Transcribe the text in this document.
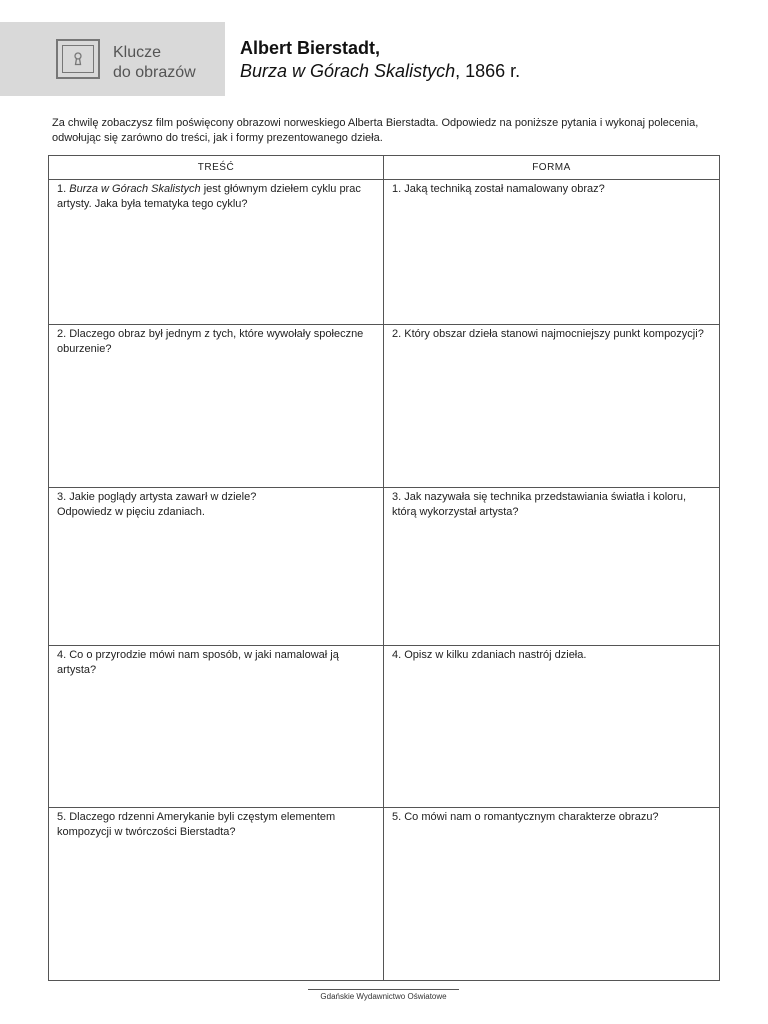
Klucze
do obrazów
Albert Bierstadt,
Burza w Górach Skalistych, 1866 r.
Za chwilę zobaczysz film poświęcony obrazowi norweskiego Alberta Bierstadta. Odpowiedz na poniższe pytania i wykonaj polecenia, odwołując się zarówno do treści, jak i formy prezentowanego dzieła.
TREŚĆ	FORMA
1. Burza w Górach Skalistych jest głównym dziełem cyklu prac artysty. Jaka była tematyka tego cyklu?	1. Jaką techniką został namalowany obraz?
2. Dlaczego obraz był jednym z tych, które wywołały społeczne oburzenie?	2. Który obszar dzieła stanowi najmocniejszy punkt kompozycji?

3. Jakie poglądy artysta zawarł w dziele?
Odpowiedz w pięciu zdaniach.	3. Jak nazywała się technika przedstawiania światła i koloru, którą wykorzystał artysta?
4. Co o przyrodzie mówi nam sposób, w jaki namalował ją artysta?	4. Opisz w kilku zdaniach nastrój dzieła.
5. Dlaczego rdzenni Amerykanie byli częstym elementem kompozycji w twórczości Bierstadta?	5. Co mówi nam o romantycznym charakterze obrazu?
Gdańskie Wydawnictwo Oświatowe
